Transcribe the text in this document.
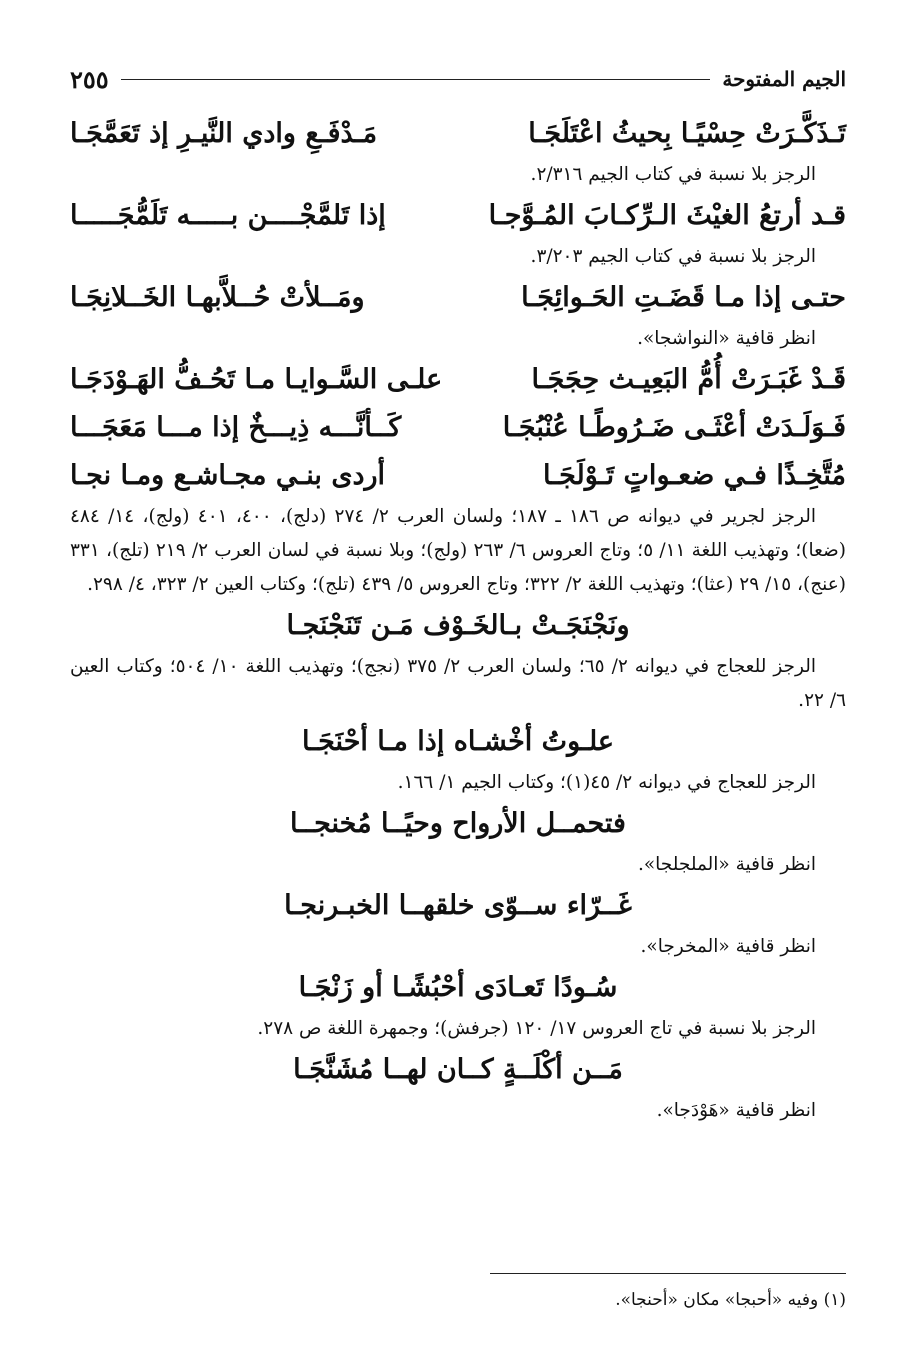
الجيم المفتوحة
٢٥٥
تَـذَكَّـرَتْ حِسْيًـا بِحيثُ اعْتَلَجَـا
مَـدْفَـعِ وادي النَّيـرِ إذ تَعَمَّجَـا
الرجز بلا نسبة في كتاب الجيم ٢/٣١٦.
قـد أرتعُ الغيْثَ الـرِّكـابَ المُـوَّجـا
إذا تَلمَّجْــــن بـــــه تَلَمُّجَـــــا
الرجز بلا نسبة في كتاب الجيم ٣/٢٠٣.
حتـى إذا مـا قَضَـتِ الحَـوائِجَـا
ومَــلأتْ حُــلاَّبهـا الخَــلانِجَـا
انظر قافية «النواشجا».
قَـدْ غَبَـرَتْ أُمُّ البَعِيـث حِجَجَـا
علـى السَّـوايـا مـا تَحُـفُّ الهَـوْدَجَـا
فَـوَلَـدَتْ أعْثَـى ضَـرُوطًـا عُنْبُجَـا
كَــأنَّـــه ذِيـــخٌ إذا مـــا مَعَجَـــا
مُتَّخِـذًا فـي ضعـواتٍ تَـوْلَجَـا
أردى بنـي مجـاشـع ومـا نجـا
الرجز لجرير في ديوانه ص ١٨٦ ـ ١٨٧؛ ولسان العرب ٢/ ٢٧٤ (دلج)، ٤٠٠، ٤٠١ (ولج)، ١٤/ ٤٨٤ (ضعا)؛ وتهذيب اللغة ١١/ ٥؛ وتاج العروس ٦/ ٢٦٣ (ولج)؛ وبلا نسبة في لسان العرب ٢/ ٢١٩ (تلج)، ٣٣١ (عنج)، ١٥/ ٢٩ (عثا)؛ وتهذيب اللغة ٢/ ٣٢٢؛ وتاج العروس ٥/ ٤٣٩ (تلج)؛ وكتاب العين ٢/ ٣٢٣، ٤/ ٢٩٨.
ونَجْنَجَـتْ بـالخَـوْف مَـن تَنَجْنَجـا
الرجز للعجاج في ديوانه ٢/ ٦٥؛ ولسان العرب ٢/ ٣٧٥ (نجج)؛ وتهذيب اللغة ١٠/ ٥٠٤؛ وكتاب العين ٦/ ٢٢.
علـوتُ أخْشـاه إذا مـا أحْنَجَـا
الرجز للعجاج في ديوانه ٢/ ٤٥(١)؛ وكتاب الجيم ١/ ١٦٦.
فتحمــل الأرواح وحيًــا مُخنجــا
انظر قافية «الملجلجا».
غَــرّاء ســوّى خلقهــا الخبـرنجـا
انظر قافية «المخرجا».
سُـودًا تَعـادَى أحْبُشًـا أو زَنْجَـا
الرجز بلا نسبة في تاج العروس ١٧/ ١٢٠ (جرفش)؛ وجمهرة اللغة ص ٢٧٨.
مَــن أكْلَــةٍ كــان لهــا مُشَنَّجَـا
انظر قافية «هَوْدَجا».
(١) وفيه «أحبجا» مكان «أحنجا».
